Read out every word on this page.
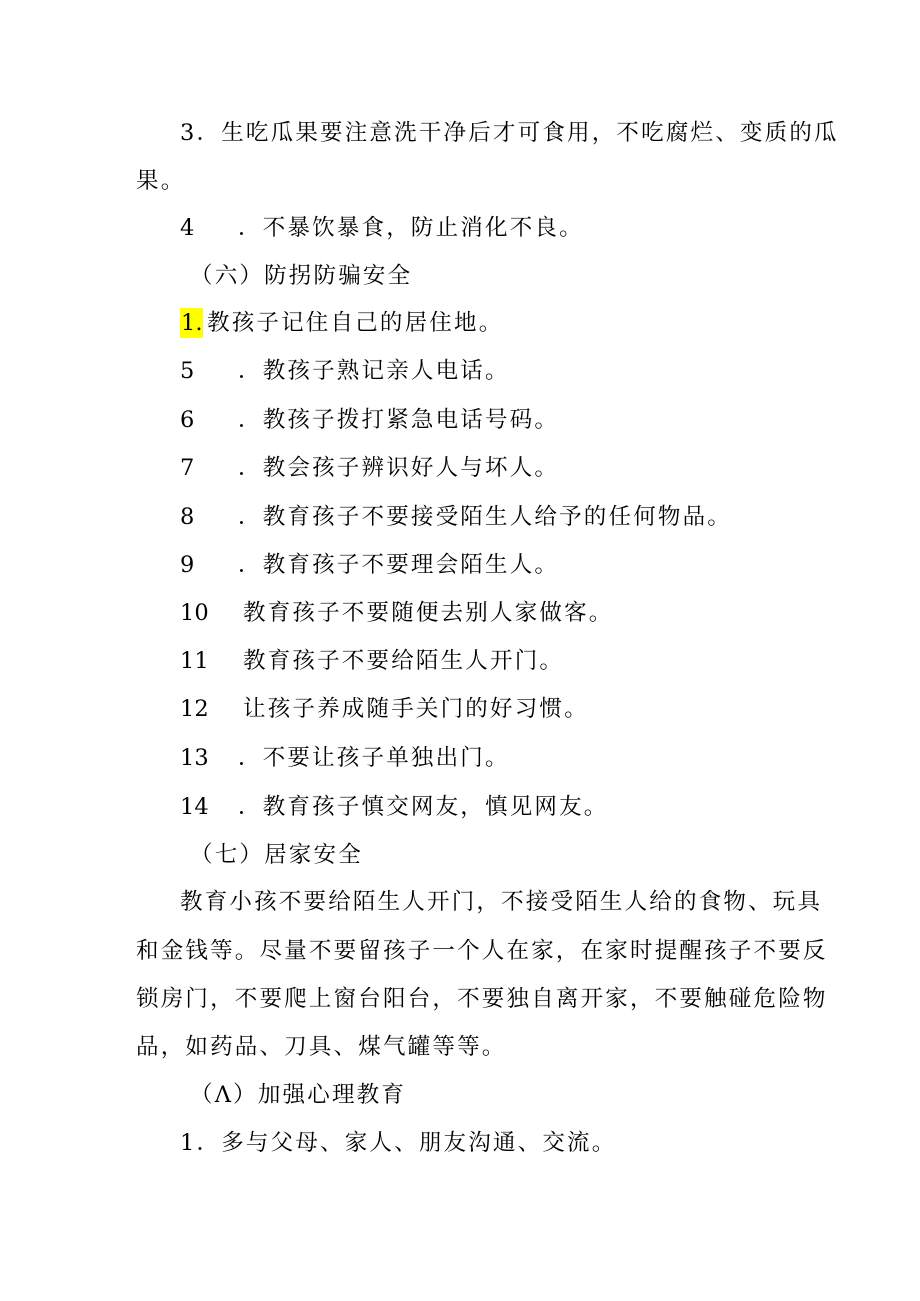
3．生吃瓜果要注意洗干净后才可食用，不吃腐烂、变质的瓜
果。
4 ．不暴饮暴食，防止消化不良。
（六）防拐防骗安全
1. 教孩子记住自己的居住地。
5 ．教孩子熟记亲人电话。
6 ．教孩子拨打紧急电话号码。
7 ．教会孩子辨识好人与坏人。
8 ．教育孩子不要接受陌生人给予的任何物品。
9 ．教育孩子不要理会陌生人。
10 教育孩子不要随便去别人家做客。
11 教育孩子不要给陌生人开门。
12 让孩子养成随手关门的好习惯。
13 ．不要让孩子单独出门。
14 ．教育孩子慎交网友，慎见网友。
（七）居家安全
教育小孩不要给陌生人开门，不接受陌生人给的食物、玩具
和金钱等。尽量不要留孩子一个人在家，在家时提醒孩子不要反
锁房门，不要爬上窗台阳台，不要独自离开家，不要触碰危险物
品，如药品、刀具、煤气罐等等。
（Λ）加强心理教育
1．多与父母、家人、朋友沟通、交流。
